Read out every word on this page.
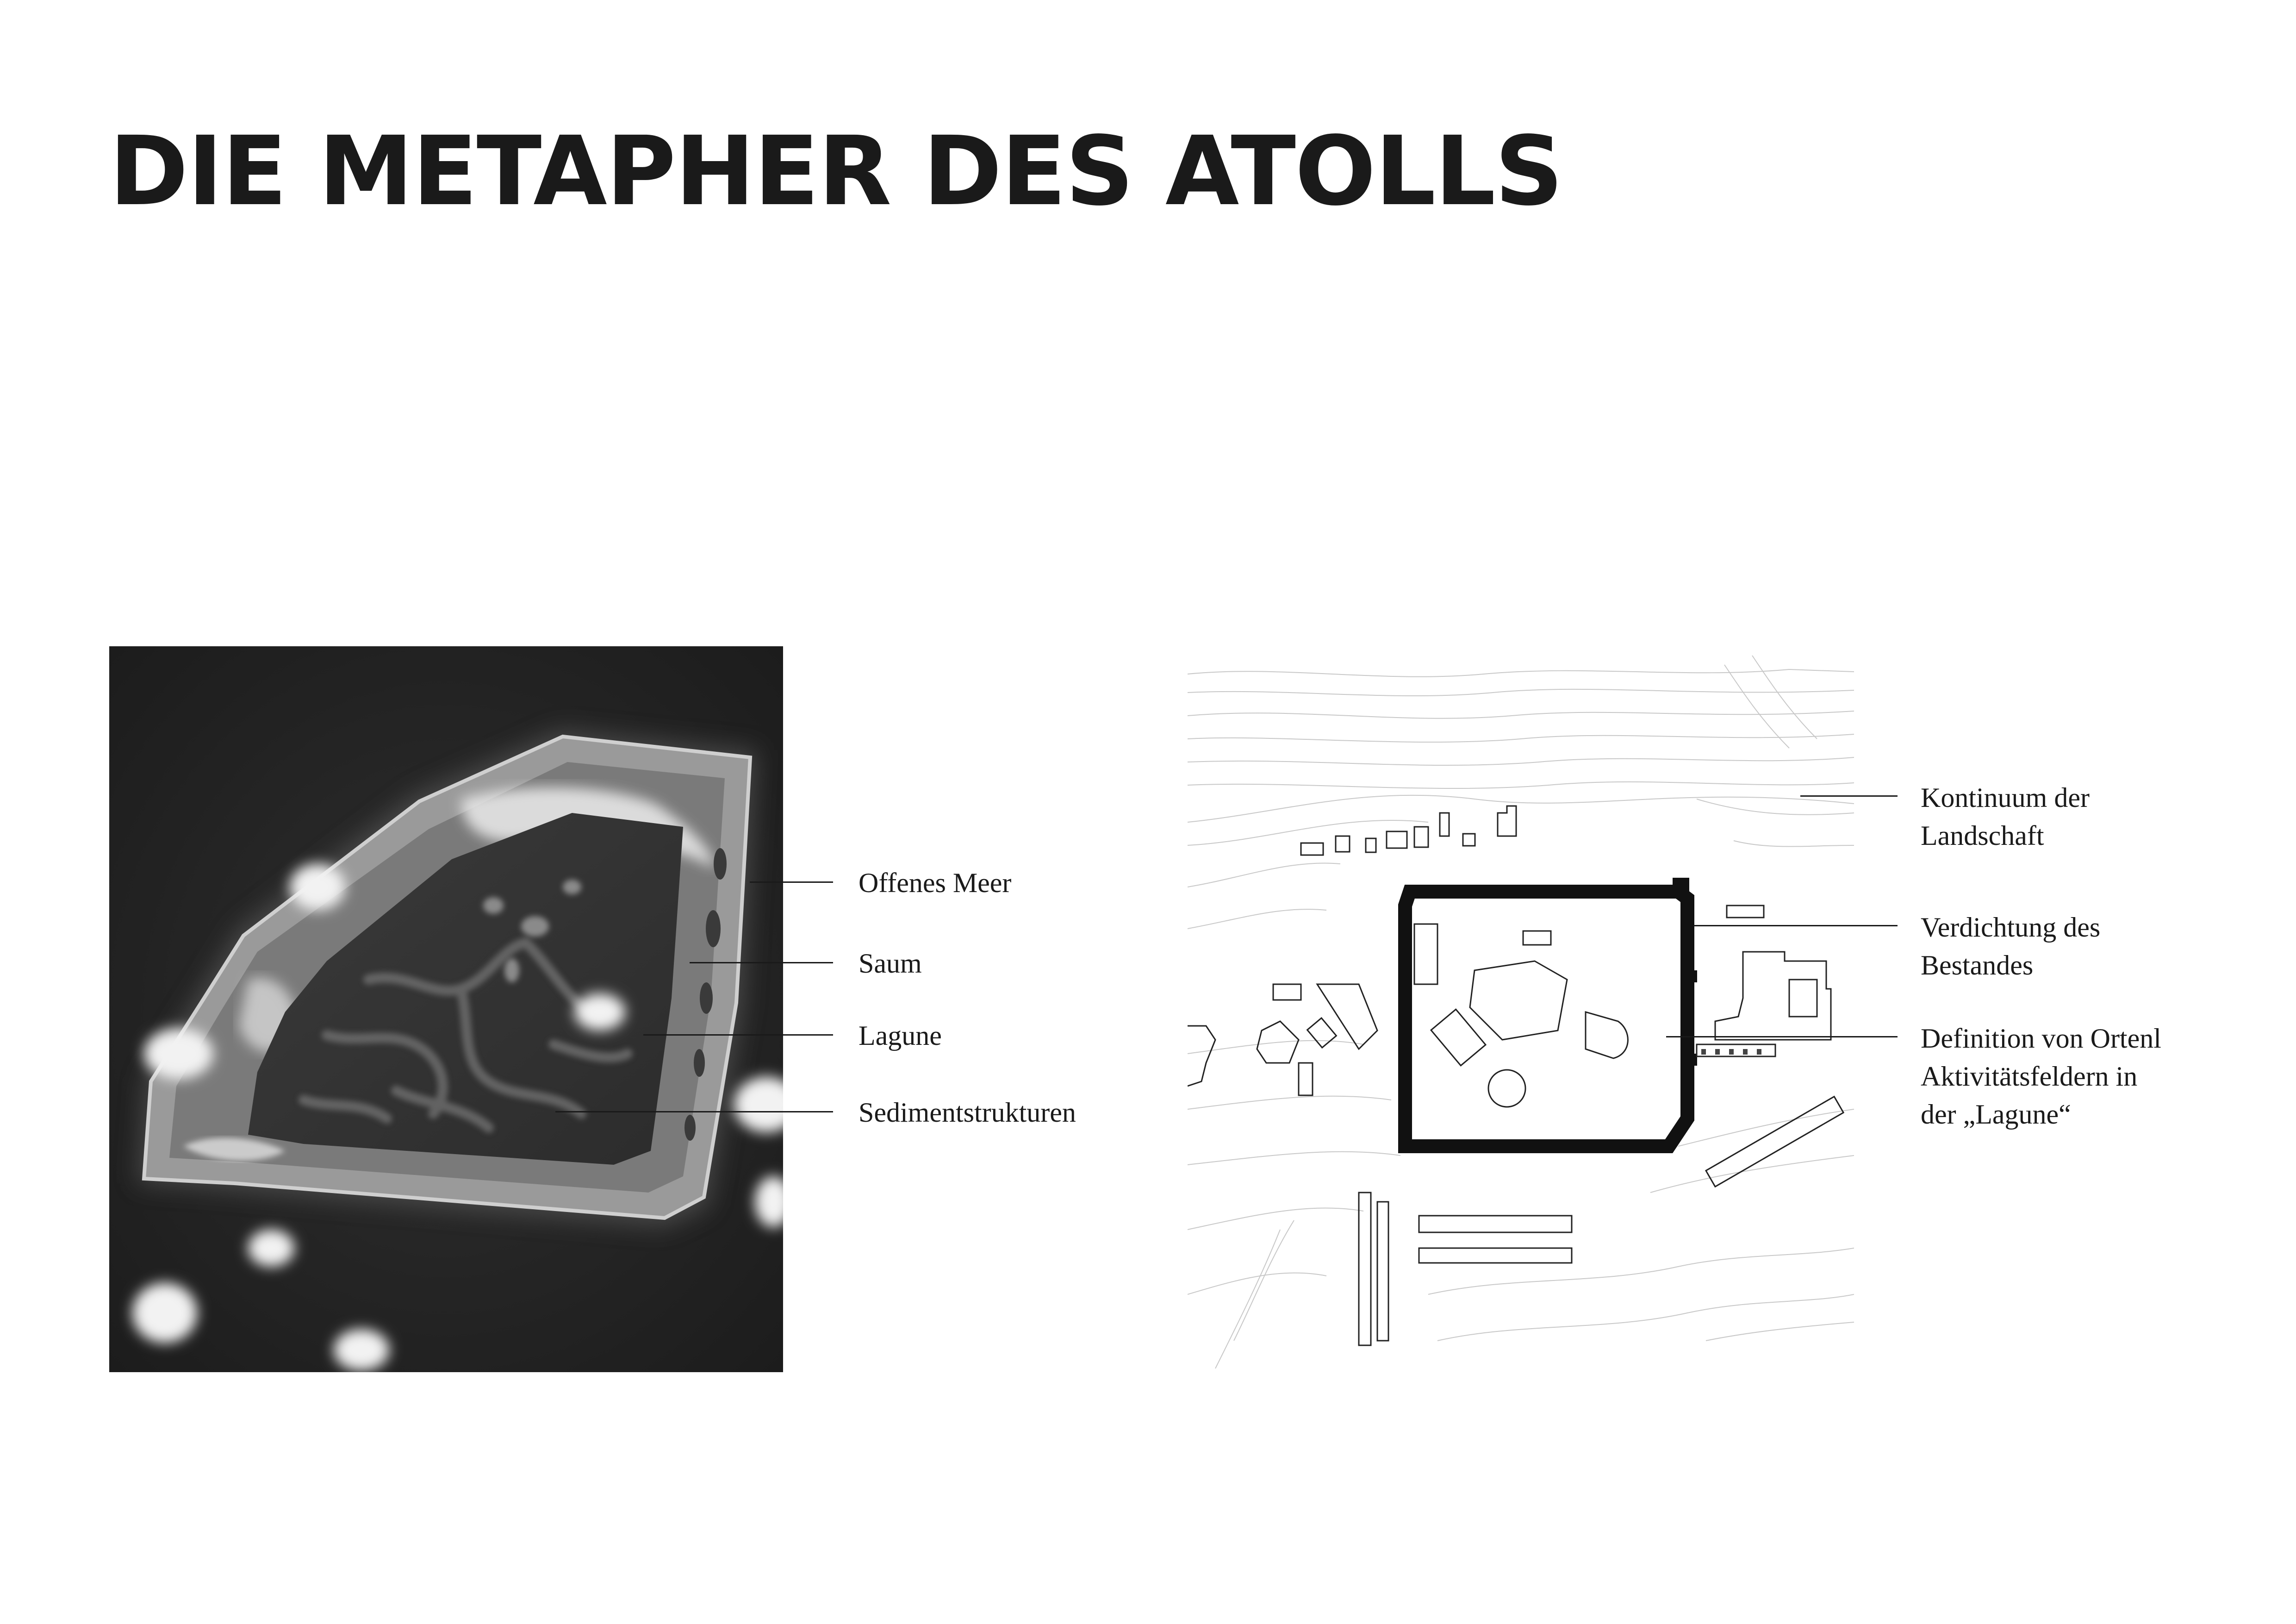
DIE METAPHER DES ATOLLS
Offenes Meer
Saum
Lagune
Sedimentstrukturen
Kontinuum der
Landschaft
Verdichtung des
Bestandes
Definition von Ortenl
Aktivitätsfeldern in
der „Lagune“
